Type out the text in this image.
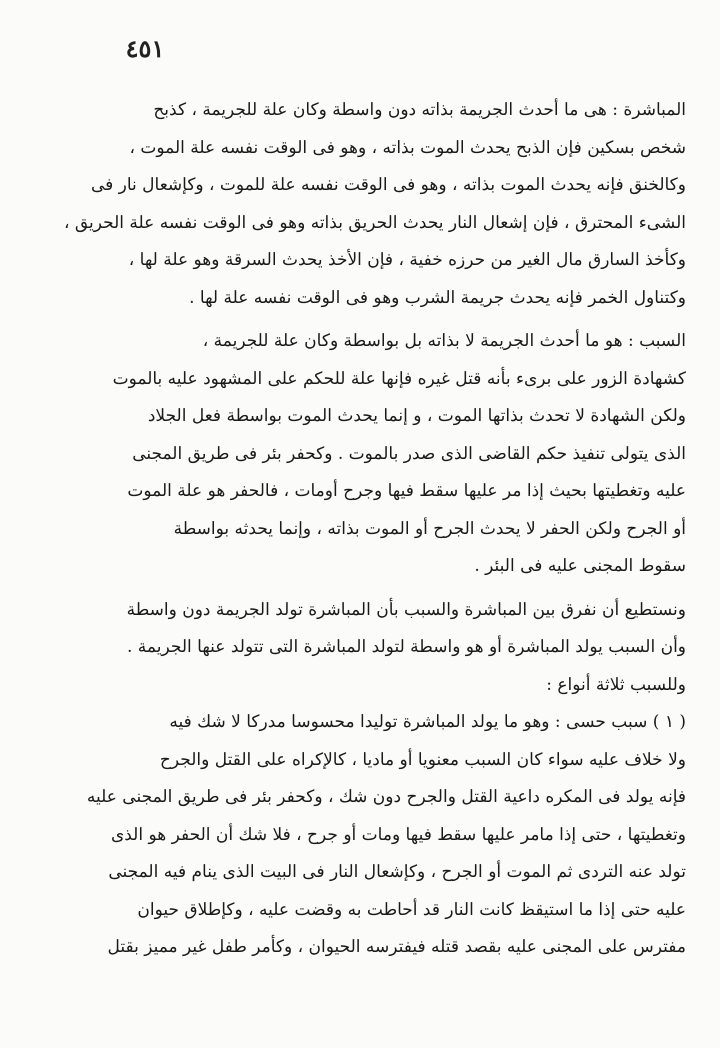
٤٥١
المباشرة : هى ما أحدث الجريمة بذاته دون واسطة وكان علة للجريمة ، كذبح
شخص بسكين فإن الذبح يحدث الموت بذاته ، وهو فى الوقت نفسه علة الموت ،
وكالخنق فإنه يحدث الموت بذاته ، وهو فى الوقت نفسه علة للموت ، وكإشعال نار فى
الشىء المحترق ، فإن إشعال النار يحدث الحريق بذاته وهو فى الوقت نفسه علة الحريق ،
وكأخذ السارق مال الغير من حرزه خفية ، فإن الأخذ يحدث السرقة وهو علة لها ،
وكتناول الخمر فإنه يحدث جريمة الشرب وهو فى الوقت نفسه علة لها .
السبب : هو ما أحدث الجريمة لا بذاته بل بواسطة وكان علة للجريمة ،
كشهادة الزور على برىء بأنه قتل غيره فإنها علة للحكم على المشهود عليه بالموت
ولكن الشهادة لا تحدث بذاتها الموت ، و إنما يحدث الموت بواسطة فعل الجلاد
الذى يتولى تنفيذ حكم القاضى الذى صدر بالموت . وكحفر بئر فى طريق المجنى
عليه وتغطيتها بحيث إذا مر عليها سقط فيها وجرح أومات ، فالحفر هو علة الموت
أو الجرح ولكن الحفر لا يحدث الجرح أو الموت بذاته ، وإنما يحدثه بواسطة
سقوط المجنى عليه فى البئر .
ونستطيع أن نفرق بين المباشرة والسبب بأن المباشرة تولد الجريمة دون واسطة
وأن السبب يولد المباشرة أو هو واسطة لتولد المباشرة التى تتولد عنها الجريمة .
وللسبب ثلاثة أنواع :
( ١ ) سبب حسى : وهو ما يولد المباشرة توليدا محسوسا مدركا لا شك فيه
ولا خلاف عليه سواء كان السبب معنويا أو ماديا ، كالإكراه على القتل والجرح
فإنه يولد فى المكره داعية القتل والجرح دون شك ، وكحفر بئر فى طريق المجنى عليه
وتغطيتها ، حتى إذا مامر عليها سقط فيها ومات أو جرح ، فلا شك أن الحفر هو الذى
تولد عنه التردى ثم الموت أو الجرح ، وكإشعال النار فى البيت الذى ينام فيه المجنى
عليه حتى إذا ما استيقظ كانت النار قد أحاطت به وقضت عليه ، وكإطلاق حيوان
مفترس على المجنى عليه بقصد قتله فيفترسه الحيوان ، وكأمر طفل غير مميز بقتل
